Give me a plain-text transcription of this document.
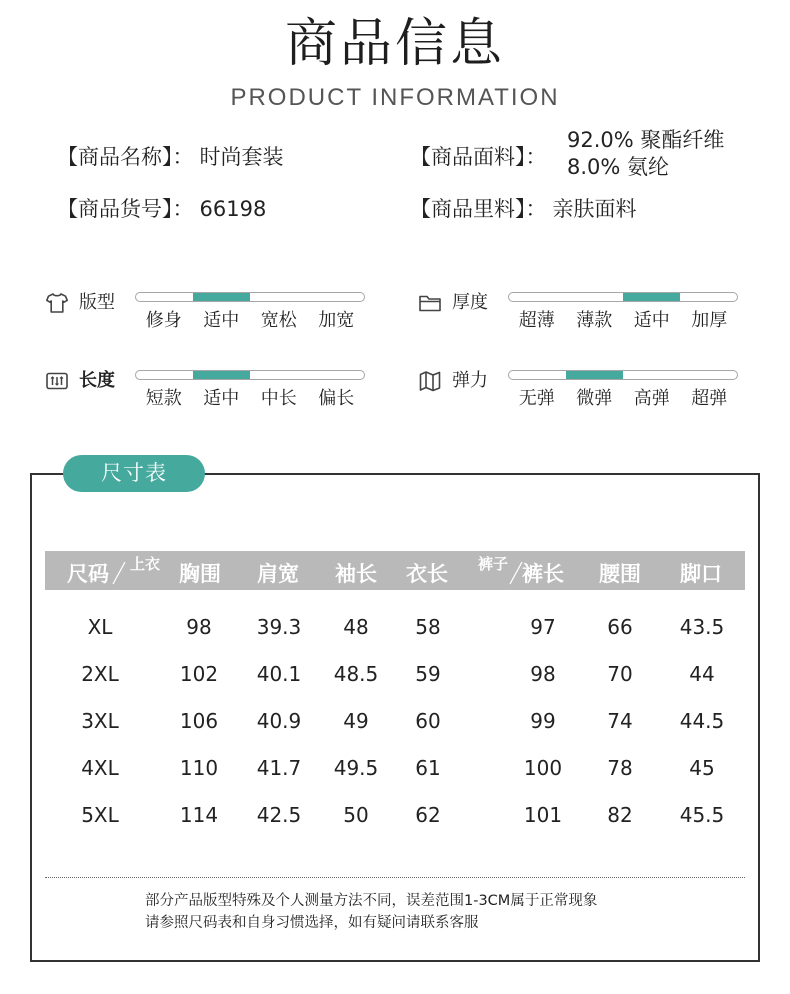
商品信息
PRODUCT INFORMATION
【商品名称】： 时尚套装	【商品面料】：
92.0% 聚酯纤维
8.0% 氨纶
【商品货号】： 66198	【商品里料】： 亲肤面料
版型
修身	适中	宽松	加宽
厚度
超薄	薄款	适中	加厚
长度
短款	适中	中长	偏长
弹力
无弹	微弹	高弹	超弹
尺寸表
尺码	上衣 胸围	肩宽	袖长	衣长	裤子 裤长	腰围	脚口
XL	98	39.3	48	58	97	66	43.5
2XL	102	40.1	48.5	59	98	70	44
3XL	106	40.9	49	60	99	74	44.5
4XL	110	41.7	49.5	61	100	78	45
5XL	114	42.5	50	62	101	82	45.5
部分产品版型特殊及个人测量方法不同，误差范围1-3CM属于正常现象
请参照尺码表和自身习惯选择，如有疑问请联系客服
